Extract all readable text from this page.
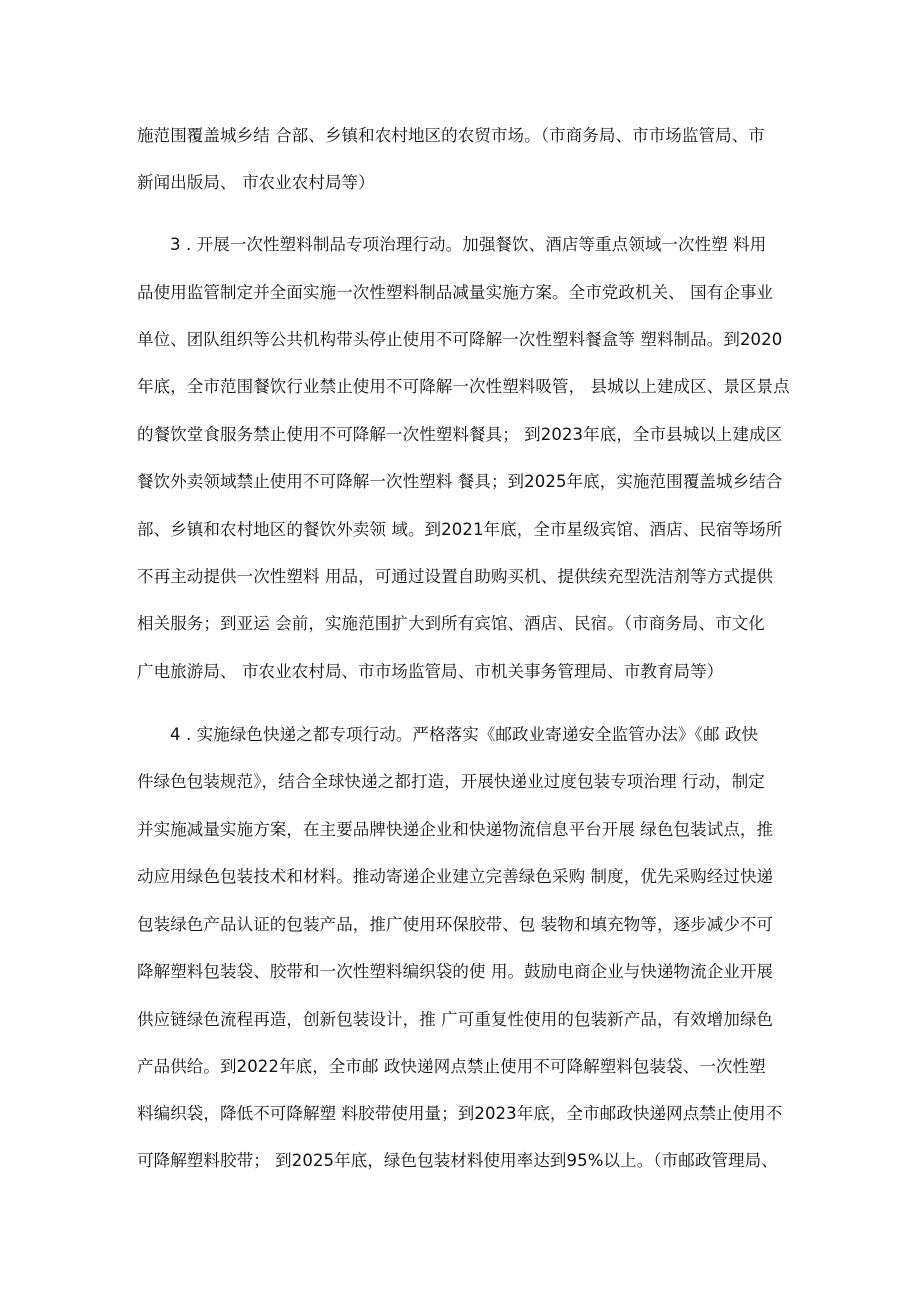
施范围覆盖城乡结 合部、乡镇和农村地区的农贸市场。（市商务局、市市场监管局、市
新闻出版局、 市农业农村局等）
3 . 开展一次性塑料制品专项治理行动。加强餐饮、酒店等重点领域一次性塑 料用
品使用监管制定并全面实施一次性塑料制品减量实施方案。全市党政机关、 国有企事业
单位、团队组织等公共机构带头停止使用不可降解一次性塑料餐盒等 塑料制品。到2020
年底，全市范围餐饮行业禁止使用不可降解一次性塑料吸管， 县城以上建成区、景区景点
的餐饮堂食服务禁止使用不可降解一次性塑料餐具； 到2023年底，全市县城以上建成区
餐饮外卖领域禁止使用不可降解一次性塑料 餐具；到2025年底，实施范围覆盖城乡结合
部、乡镇和农村地区的餐饮外卖领 域。到2021年底，全市星级宾馆、酒店、民宿等场所
不再主动提供一次性塑料 用品，可通过设置自助购买机、提供续充型洗洁剂等方式提供
相关服务；到亚运 会前，实施范围扩大到所有宾馆、酒店、民宿。（市商务局、市文化
广电旅游局、 市农业农村局、市市场监管局、市机关事务管理局、市教育局等）
4 . 实施绿色快递之都专项行动。严格落实《邮政业寄递安全监管办法》《邮 政快
件绿色包装规范》，结合全球快递之都打造，开展快递业过度包装专项治理 行动，制定
并实施减量实施方案，在主要品牌快递企业和快递物流信息平台开展 绿色包装试点，推
动应用绿色包装技术和材料。推动寄递企业建立完善绿色采购 制度，优先采购经过快递
包装绿色产品认证的包装产品，推广使用环保胶带、包 装物和填充物等，逐步减少不可
降解塑料包装袋、胶带和一次性塑料编织袋的使 用。鼓励电商企业与快递物流企业开展
供应链绿色流程再造，创新包装设计，推 广可重复性使用的包装新产品，有效增加绿色
产品供给。到2022年底，全市邮 政快递网点禁止使用不可降解塑料包装袋、一次性塑
料编织袋，降低不可降解塑 料胶带使用量；到2023年底，全市邮政快递网点禁止使用不
可降解塑料胶带； 到2025年底，绿色包装材料使用率达到95%以上。（市邮政管理局、
